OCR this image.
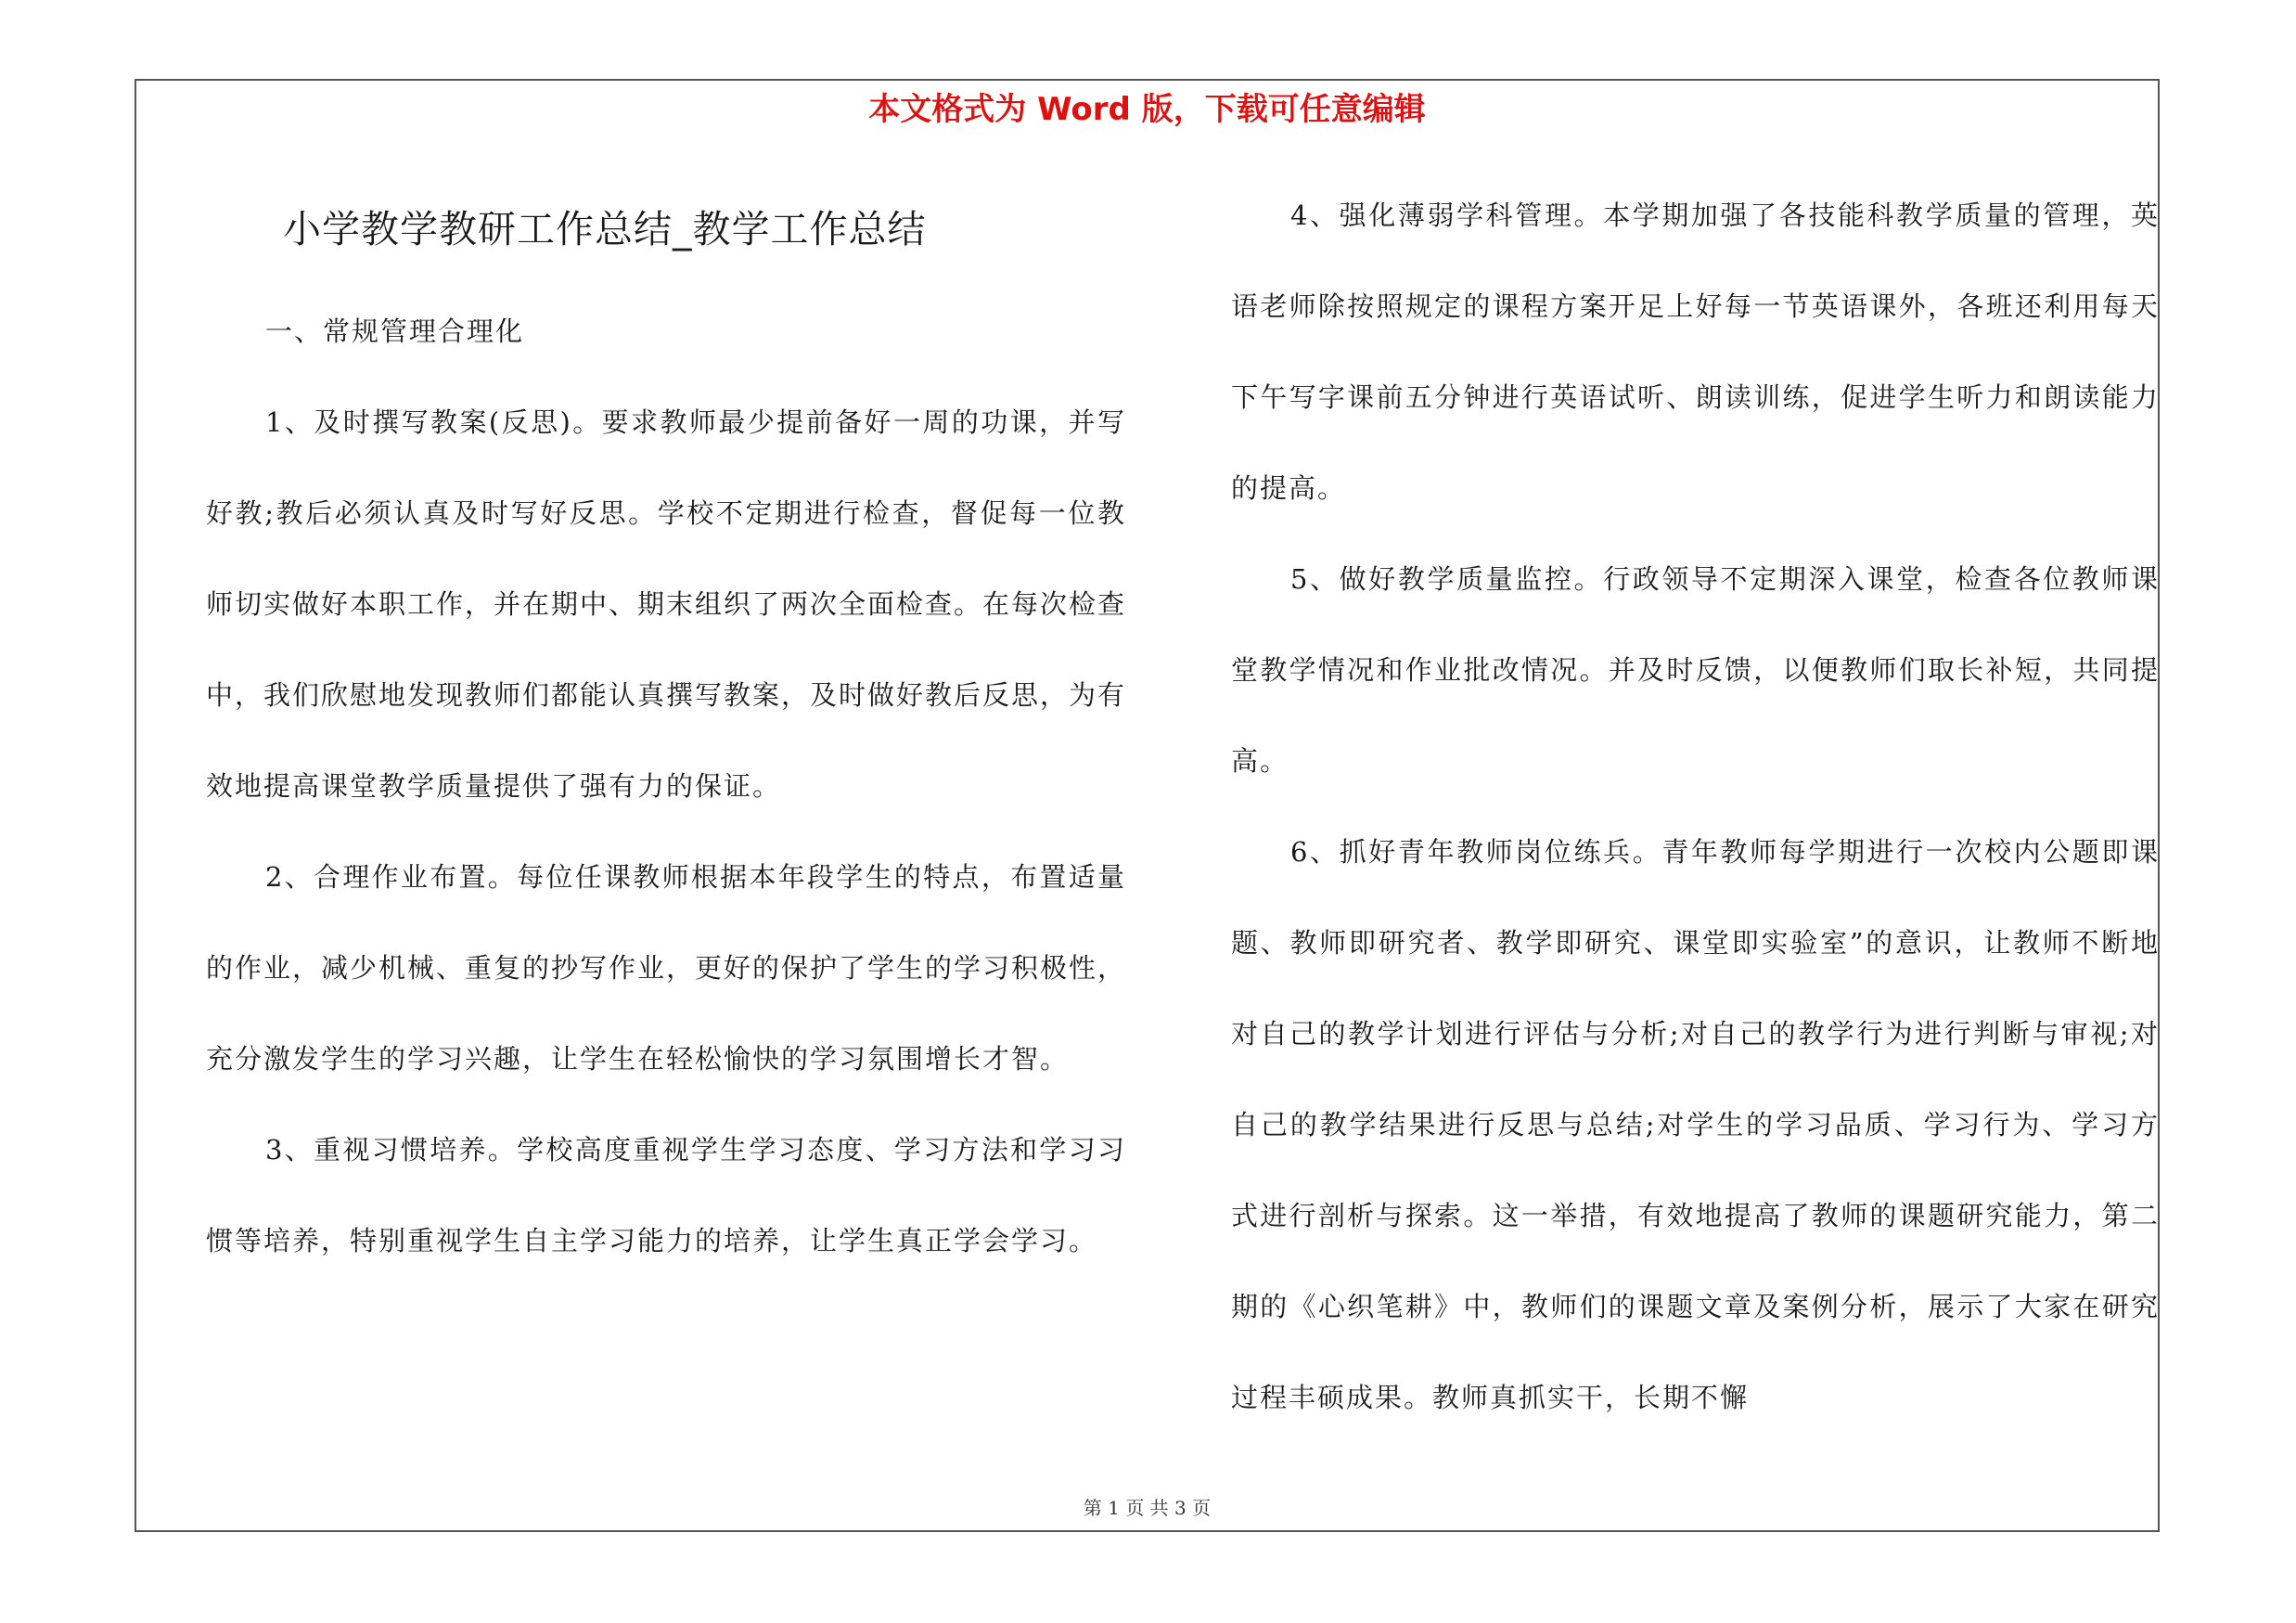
本文格式为 Word 版，下载可任意编辑
小学教学教研工作总结_教学工作总结

一、常规管理合理化

1、及时撰写教案(反思)。要求教师最少提前备好一周的功课，并写好教;教后必须认真及时写好反思。学校不定期进行检查，督促每一位教师切实做好本职工作，并在期中、期末组织了两次全面检查。在每次检查中，我们欣慰地发现教师们都能认真撰写教案，及时做好教后反思，为有效地提高课堂教学质量提供了强有力的保证。

2、合理作业布置。每位任课教师根据本年段学生的特点，布置适量的作业，减少机械、重复的抄写作业，更好的保护了学生的学习积极性，充分激发学生的学习兴趣，让学生在轻松愉快的学习氛围增长才智。

3、重视习惯培养。学校高度重视学生学习态度、学习方法和学习习惯等培养，特别重视学生自主学习能力的培养，让学生真正学会学习。

4、强化薄弱学科管理。本学期加强了各技能科教学质量的管理，英语老师除按照规定的课程方案开足上好每一节英语课外，各班还利用每天下午写字课前五分钟进行英语试听、朗读训练，促进学生听力和朗读能力的提高。

5、做好教学质量监控。行政领导不定期深入课堂，检查各位教师课堂教学情况和作业批改情况。并及时反馈，以便教师们取长补短，共同提高。

6、抓好青年教师岗位练兵。青年教师每学期进行一次校内公题即课题、教师即研究者、教学即研究、课堂即实验室”的意识，让教师不断地对自己的教学计划进行评估与分析;对自己的教学行为进行判断与审视;对自己的教学结果进行反思与总结;对学生的学习品质、学习行为、学习方式进行剖析与探索。这一举措，有效地提高了教师的课题研究能力，第二期的《心织笔耕》中，教师们的课题文章及案例分析，展示了大家在研究过程丰硕成果。教师真抓实干，长期不懈

第 1 页 共 3 页
